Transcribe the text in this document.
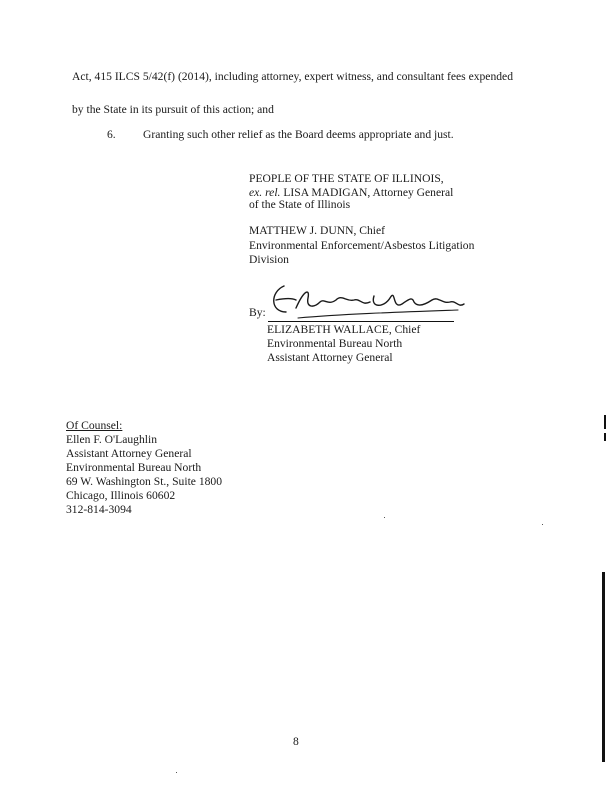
Act, 415 ILCS 5/42(f) (2014), including attorney, expert witness, and consultant fees expended
by the State in its pursuit of this action; and
6. Granting such other relief as the Board deems appropriate and just.
PEOPLE OF THE STATE OF ILLINOIS,
ex. rel. LISA MADIGAN, Attorney General
of the State of Illinois
MATTHEW J. DUNN, Chief
Environmental Enforcement/Asbestos Litigation
Division
By:
ELIZABETH WALLACE, Chief
Environmental Bureau North
Assistant Attorney General
Of Counsel:
Ellen F. O'Laughlin
Assistant Attorney General
Environmental Bureau North
69 W. Washington St., Suite 1800
Chicago, Illinois 60602
312-814-3094
8
